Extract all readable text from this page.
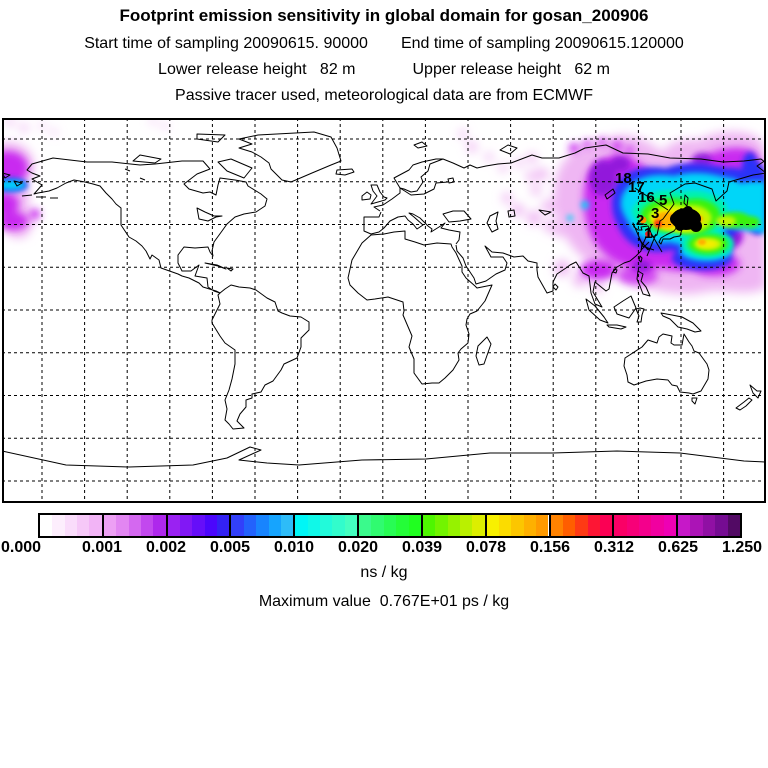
Footprint emission sensitivity in global domain for gosan_200906
Start time of sampling 20090615. 90000 End time of sampling 20090615.120000
Lower release height   82 m	Upper release height   62 m
Passive tracer used, meteorological data are from ECMWF
18
17
16 5
3
2
1
0.000	0.001 0.002 0.005 0.010 0.020 0.039 0.078 0.156 0.312 0.625 1.250
ns / kg
Maximum value  0.767E+01 ps / kg
